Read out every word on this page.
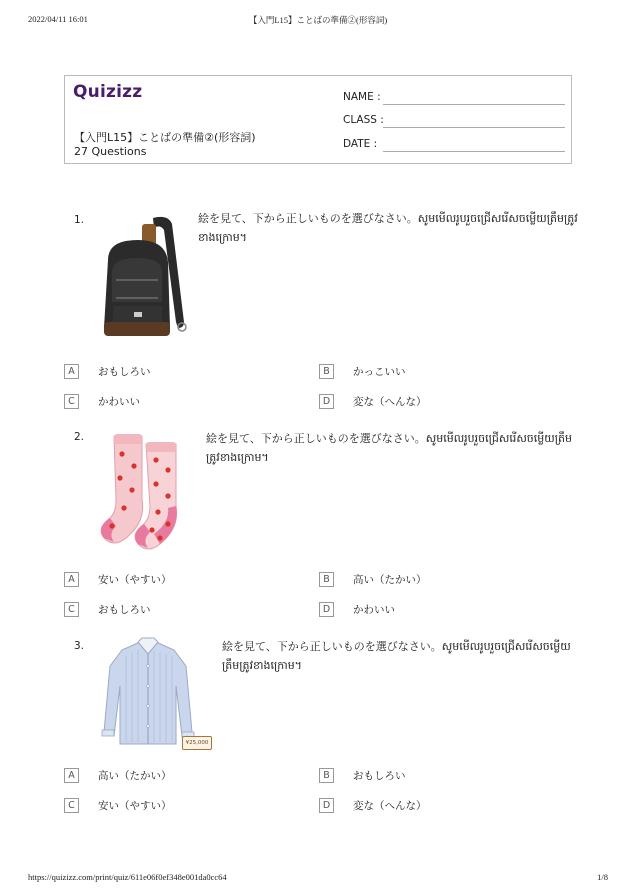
2022/04/11 16:01	【入門L15】ことばの準備②(形容詞)
Quizizz
【入門L15】ことばの準備②(形容詞)
27 Questions
NAME :
CLASS :
DATE :
1.	絵を見て、下から正しいものを選びなさい。សូមមើលរូបរួចជ្រើសរើសចម្លើយត្រឹមត្រូវខាងក្រោម។
A	おもしろい	B	かっこいい
C	かわいい	D	変な（へんな）
2.	絵を見て、下から正しいものを選びなさい。សូមមើលរូបរួចជ្រើសរើសចម្លើយត្រឹមត្រូវខាងក្រោម។
A	安い（やすい）	B	高い（たかい）
C	おもしろい	D	かわいい
3.
¥25,000
絵を見て、下から正しいものを選びなさい。សូមមើលរូបរួចជ្រើសរើសចម្លើយត្រឹមត្រូវខាងក្រោម។
A	高い（たかい）	B	おもしろい
C	安い（やすい）	D	変な（へんな）
https://quizizz.com/print/quiz/611e06f0ef348e001da0cc64	1/8
